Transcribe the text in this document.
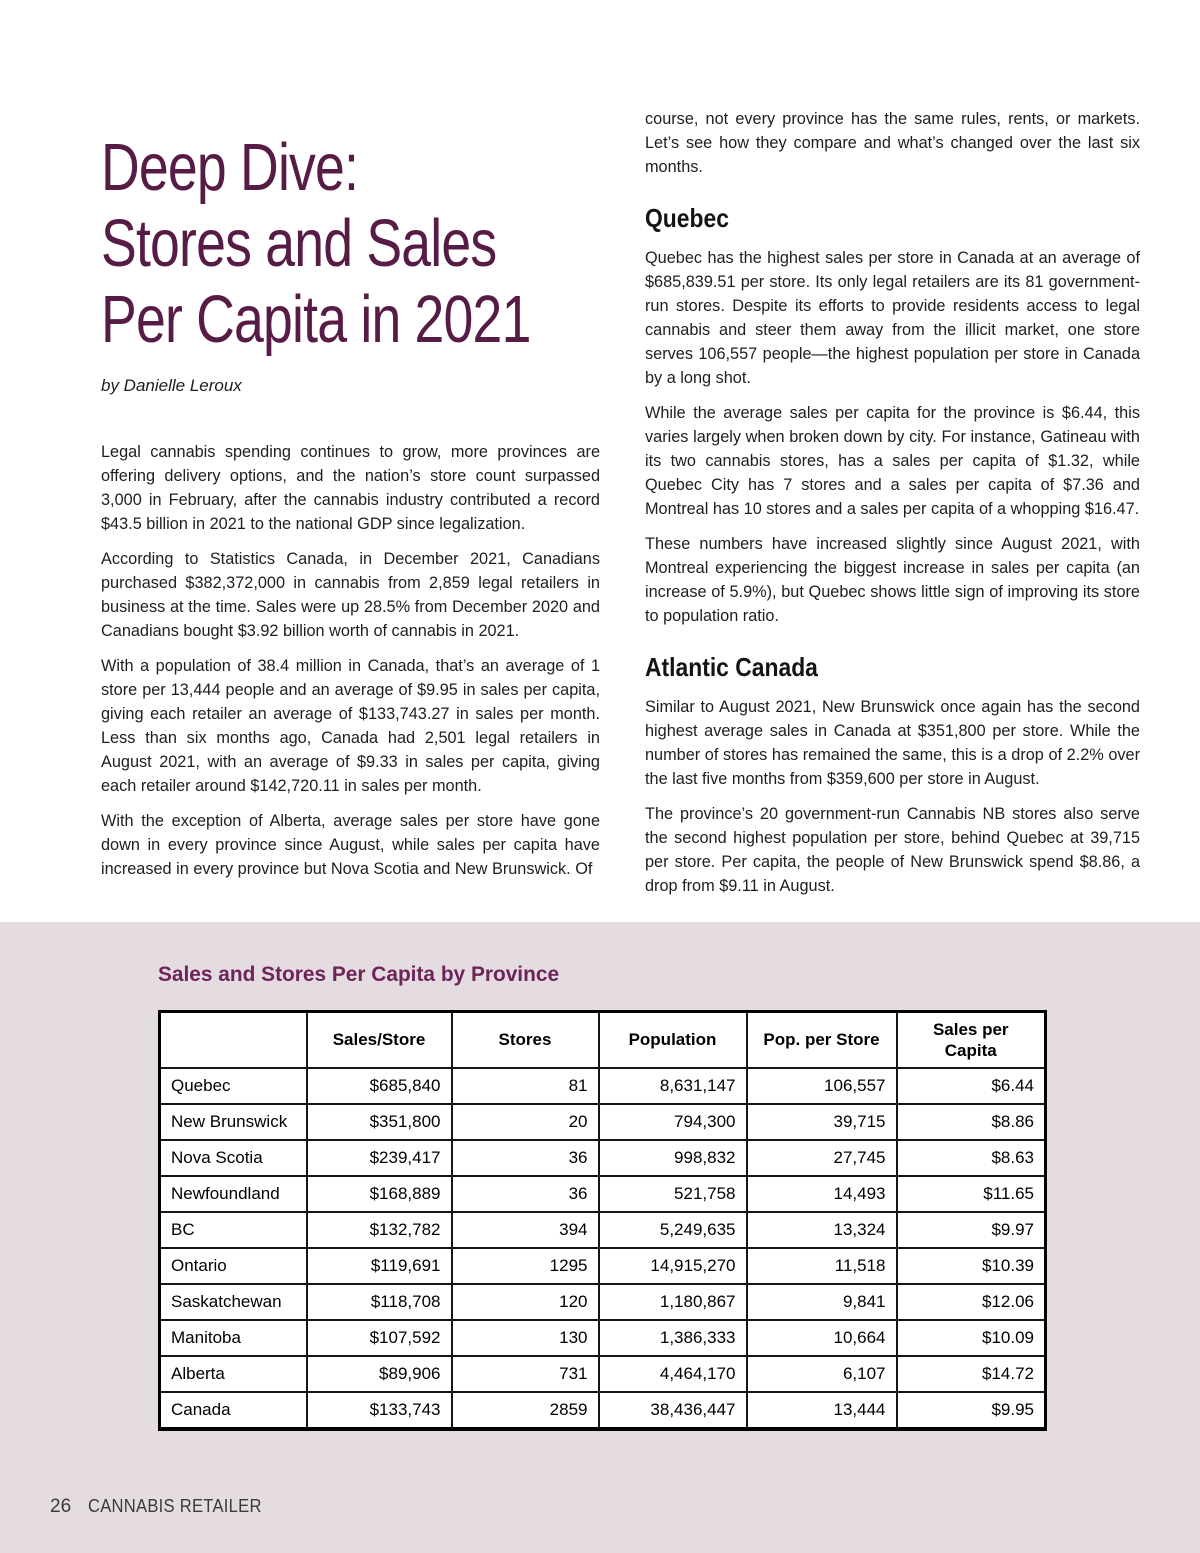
Deep Dive:
Stores and Sales
Per Capita in 2021
by Danielle Leroux

Legal cannabis spending continues to grow, more provinces are offering delivery options, and the nation’s store count surpassed 3,000 in February, after the cannabis industry contributed a record $43.5 billion in 2021 to the national GDP since legalization.

According to Statistics Canada, in December 2021, Canadians purchased $382,372,000 in cannabis from 2,859 legal retailers in business at the time. Sales were up 28.5% from December 2020 and Canadians bought $3.92 billion worth of cannabis in 2021.

With a population of 38.4 million in Canada, that’s an average of 1 store per 13,444 people and an average of $9.95 in sales per capita, giving each retailer an average of $133,743.27 in sales per month. Less than six months ago, Canada had 2,501 legal retailers in August 2021, with an average of $9.33 in sales per capita, giving each retailer around $142,720.11 in sales per month.

With the exception of Alberta, average sales per store have gone down in every province since August, while sales per capita have increased in every province but Nova Scotia and New Brunswick. Of

course, not every province has the same rules, rents, or markets. Let’s see how they compare and what’s changed over the last six months.

Quebec

Quebec has the highest sales per store in Canada at an average of $685,839.51 per store. Its only legal retailers are its 81 government-run stores. Despite its efforts to provide residents access to legal cannabis and steer them away from the illicit market, one store serves 106,557 people—the highest population per store in Canada by a long shot.

While the average sales per capita for the province is $6.44, this varies largely when broken down by city. For instance, Gatineau with its two cannabis stores, has a sales per capita of $1.32, while Quebec City has 7 stores and a sales per capita of $7.36 and Montreal has 10 stores and a sales per capita of a whopping $16.47.

These numbers have increased slightly since August 2021, with Montreal experiencing the biggest increase in sales per capita (an increase of 5.9%), but Quebec shows little sign of improving its store to population ratio.

Atlantic Canada

Similar to August 2021, New Brunswick once again has the second highest average sales in Canada at $351,800 per store. While the number of stores has remained the same, this is a drop of 2.2% over the last five months from $359,600 per store in August.

The province’s 20 government-run Cannabis NB stores also serve the second highest population per store, behind Quebec at 39,715 per store. Per capita, the people of New Brunswick spend $8.86, a drop from $9.11 in August.

Sales and Stores Per Capita by Province
	Sales/Store	Stores	Population	Pop. per Store	Sales per Capita
Quebec	$685,840	81	8,631,147	106,557	$6.44
New Brunswick	$351,800	20	794,300	39,715	$8.86
Nova Scotia	$239,417	36	998,832	27,745	$8.63
Newfoundland	$168,889	36	521,758	14,493	$11.65
BC	$132,782	394	5,249,635	13,324	$9.97
Ontario	$119,691	1295	14,915,270	11,518	$10.39
Saskatchewan	$118,708	120	1,180,867	9,841	$12.06
Manitoba	$107,592	130	1,386,333	10,664	$10.09
Alberta	$89,906	731	4,464,170	6,107	$14.72
Canada	$133,743	2859	38,436,447	13,444	$9.95
26 CANNABIS RETAILER
